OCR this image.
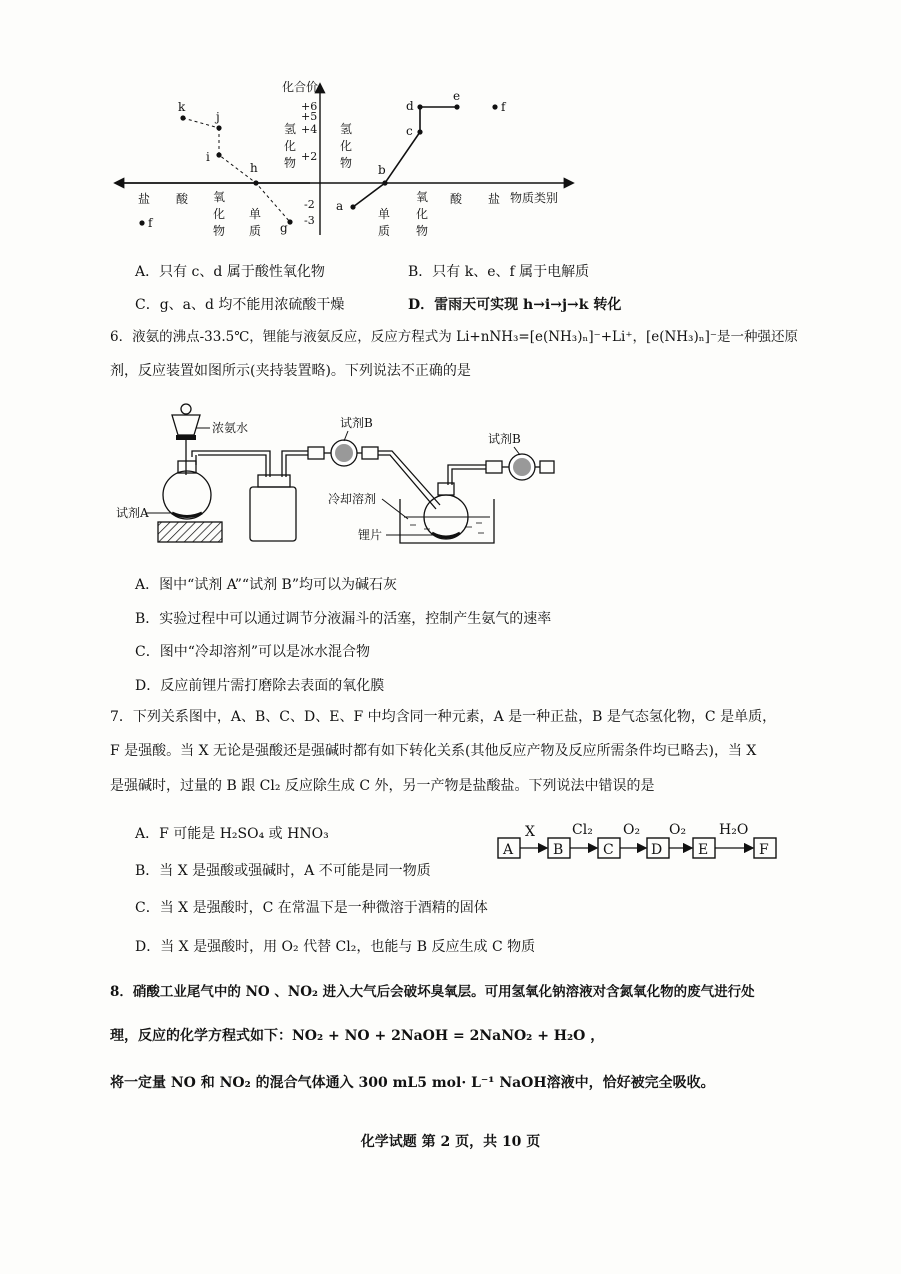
化合价
物质类别
+6
+5
+4
+2
-2
-3
盐 酸 氧
化
物
单
质
氢
化
物
氢
化
物
单
质
氧
化
物
酸 盐
k
j
i
h
g
f
a
b
c
d
e
f
A．只有 c、d 属于酸性氧化物	B．只有 k、e、f 属于电解质
C．g、a、d 均不能用浓硫酸干燥	D．雷雨天可实现 h→i→j→k 转化
6．液氨的沸点-33.5℃，锂能与液氨反应，反应方程式为 Li+nNH₃=[e(NH₃)ₙ]⁻+Li⁺，[e(NH₃)ₙ]⁻是一种强还原
剂，反应装置如图所示(夹持装置略)。下列说法不正确的是
浓氨水
试剂A
试剂B
试剂B
冷却溶剂
锂片
A．图中“试剂 A”“试剂 B”均可以为碱石灰
B．实验过程中可以通过调节分液漏斗的活塞，控制产生氨气的速率
C．图中“冷却溶剂”可以是冰水混合物
D．反应前锂片需打磨除去表面的氧化膜
7．下列关系图中，A、B、C、D、E、F 中均含同一种元素，A 是一种正盐，B 是气态氢化物，C 是单质，
F 是强酸。当 X 无论是强酸还是强碱时都有如下转化关系(其他反应产物及反应所需条件均已略去)，当 X
是强碱时，过量的 B 跟 Cl₂ 反应除生成 C 外，另一产物是盐酸盐。下列说法中错误的是
A	B	C	D	E	F
X	Cl₂ O₂ O₂ H₂O
A．F 可能是 H₂SO₄ 或 HNO₃
B．当 X 是强酸或强碱时，A 不可能是同一物质
C．当 X 是强酸时，C 在常温下是一种微溶于酒精的固体
D．当 X 是强酸时，用 O₂ 代替 Cl₂，也能与 B 反应生成 C 物质
8．硝酸工业尾气中的 NO 、NO₂ 进入大气后会破坏臭氧层。可用氢氧化钠溶液对含氮氧化物的废气进行处
理，反应的化学方程式如下：NO₂ + NO + 2NaOH = 2NaNO₂ + H₂O ，
将一定量 NO 和 NO₂ 的混合气体通入 300 mL5 mol· L⁻¹ NaOH溶液中，恰好被完全吸收。
化学试题 第 2 页，共 10 页
